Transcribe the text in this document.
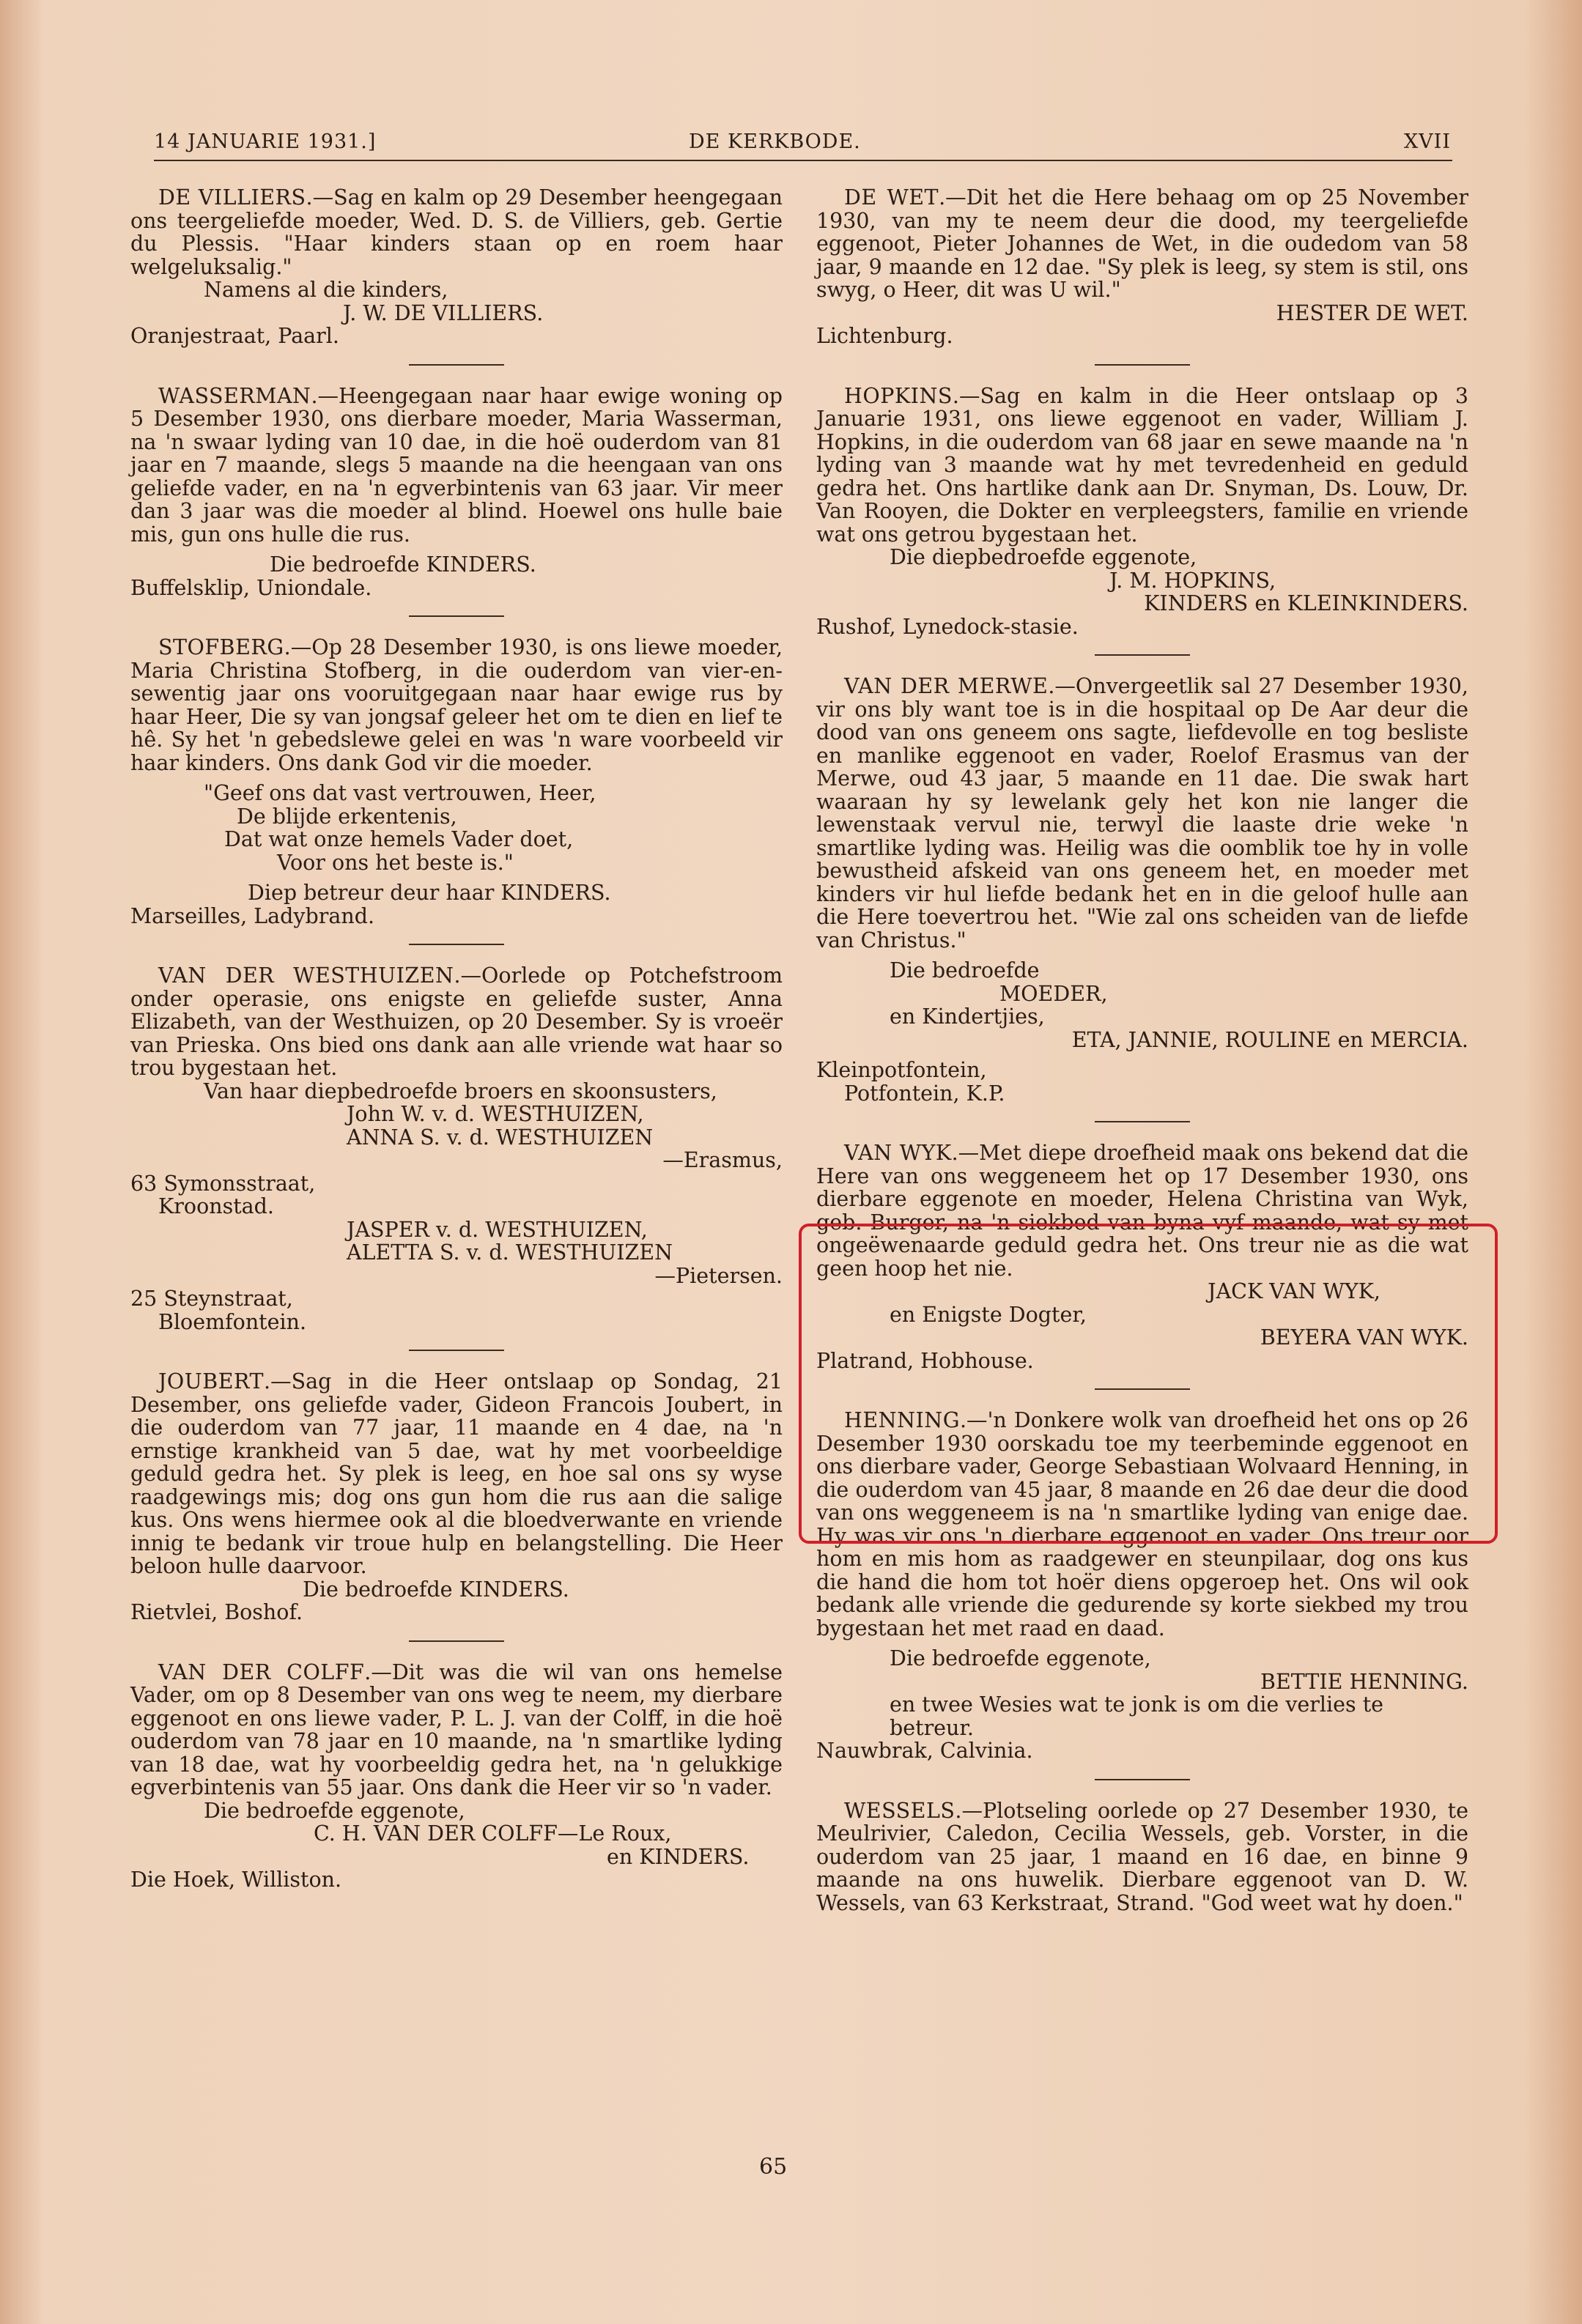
14 JANUARIE 1931.]	DE KERKBODE.	XVII

DE VILLIERS.—Sag en kalm op 29 Desember heengegaan ons teergeliefde moeder, Wed. D. S. de Villiers, geb. Gertie du Plessis. "Haar kinders staan op en roem haar welgeluksalig."

Namens al die kinders,

J. W. DE VILLIERS.

Oranjestraat, Paarl.

WASSERMAN.—Heengegaan naar haar ewige woning op 5 Desember 1930, ons dierbare moeder, Maria Wasserman, na 'n swaar lyding van 10 dae, in die hoë ouderdom van 81 jaar en 7 maande, slegs 5 maande na die heengaan van ons geliefde vader, en na 'n egverbintenis van 63 jaar. Vir meer dan 3 jaar was die moeder al blind. Hoewel ons hulle baie mis, gun ons hulle die rus.

Die bedroefde KINDERS.

Buffelsklip, Uniondale.

STOFBERG.—Op 28 Desember 1930, is ons liewe moeder, Maria Christina Stofberg, in die ouderdom van vier-en-sewentig jaar ons vooruitgegaan naar haar ewige rus by haar Heer, Die sy van jongsaf geleer het om te dien en lief te hê. Sy het 'n gebedslewe gelei en was 'n ware voorbeeld vir haar kinders. Ons dank God vir die moeder.

"Geef ons dat vast vertrouwen, Heer,

De blijde erkentenis,

Dat wat onze hemels Vader doet,

Voor ons het beste is."

Diep betreur deur haar KINDERS.

Marseilles, Ladybrand.

VAN DER WESTHUIZEN.—Oorlede op Potchefstroom onder operasie, ons enigste en geliefde suster, Anna Elizabeth, van der Westhuizen, op 20 Desember. Sy is vroeër van Prieska. Ons bied ons dank aan alle vriende wat haar so trou bygestaan het.

Van haar diepbedroefde broers en skoonsusters,

John W. v. d. WESTHUIZEN,

ANNA S. v. d. WESTHUIZEN

—Erasmus,

63 Symonsstraat,

Kroonstad.

JASPER v. d. WESTHUIZEN,

ALETTA S. v. d. WESTHUIZEN

—Pietersen.

25 Steynstraat,

Bloemfontein.

JOUBERT.—Sag in die Heer ontslaap op Sondag, 21 Desember, ons geliefde vader, Gideon Francois Joubert, in die ouderdom van 77 jaar, 11 maande en 4 dae, na 'n ernstige krankheid van 5 dae, wat hy met voorbeeldige geduld gedra het. Sy plek is leeg, en hoe sal ons sy wyse raadgewings mis; dog ons gun hom die rus aan die salige kus. Ons wens hiermee ook al die bloedverwante en vriende innig te bedank vir troue hulp en belangstelling. Die Heer beloon hulle daarvoor.

Die bedroefde KINDERS.

Rietvlei, Boshof.

VAN DER COLFF.—Dit was die wil van ons hemelse Vader, om op 8 Desember van ons weg te neem, my dierbare eggenoot en ons liewe vader, P. L. J. van der Colff, in die hoë ouderdom van 78 jaar en 10 maande, na 'n smartlike lyding van 18 dae, wat hy voorbeeldig gedra het, na 'n gelukkige egverbintenis van 55 jaar. Ons dank die Heer vir so 'n vader.

Die bedroefde eggenote,

C. H. VAN DER COLFF—Le Roux,

en KINDERS.

Die Hoek, Williston.

DE WET.—Dit het die Here behaag om op 25 November 1930, van my te neem deur die dood, my teergeliefde eggenoot, Pieter Johannes de Wet, in die oudedom van 58 jaar, 9 maande en 12 dae. "Sy plek is leeg, sy stem is stil, ons swyg, o Heer, dit was U wil."

HESTER DE WET.

Lichtenburg.

HOPKINS.—Sag en kalm in die Heer ontslaap op 3 Januarie 1931, ons liewe eggenoot en vader, William J. Hopkins, in die ouderdom van 68 jaar en sewe maande na 'n lyding van 3 maande wat hy met tevredenheid en geduld gedra het. Ons hartlike dank aan Dr. Snyman, Ds. Louw, Dr. Van Rooyen, die Dokter en verpleegsters, familie en vriende wat ons getrou bygestaan het.

Die diepbedroefde eggenote,

J. M. HOPKINS,

KINDERS en KLEINKINDERS.

Rushof, Lynedock-stasie.

VAN DER MERWE.—Onvergeetlik sal 27 Desember 1930, vir ons bly want toe is in die hospitaal op De Aar deur die dood van ons geneem ons sagte, liefdevolle en tog besliste en manlike eggenoot en vader, Roelof Erasmus van der Merwe, oud 43 jaar, 5 maande en 11 dae. Die swak hart waaraan hy sy lewelank gely het kon nie langer die lewenstaak vervul nie, terwyl die laaste drie weke 'n smartlike lyding was. Heilig was die oomblik toe hy in volle bewustheid afskeid van ons geneem het, en moeder met kinders vir hul liefde bedank het en in die geloof hulle aan die Here toevertrou het. "Wie zal ons scheiden van de liefde van Christus."

Die bedroefde

MOEDER,

en Kindertjies,

ETA, JANNIE, ROULINE en MERCIA.

Kleinpotfontein,

Potfontein, K.P.

VAN WYK.—Met diepe droefheid maak ons bekend dat die Here van ons weggeneem het op 17 Desember 1930, ons dierbare eggenote en moeder, Helena Christina van Wyk, geb. Burger, na 'n siekbed van byna vyf maande, wat sy met ongeëwenaarde geduld gedra het. Ons treur nie as die wat geen hoop het nie.

JACK VAN WYK,

en Enigste Dogter,

BEYERA VAN WYK.

Platrand, Hobhouse.

HENNING.—'n Donkere wolk van droefheid het ons op 26 Desember 1930 oorskadu toe my teerbeminde eggenoot en ons dierbare vader, George Sebastiaan Wolvaard Henning, in die ouderdom van 45 jaar, 8 maande en 26 dae deur die dood van ons weggeneem is na 'n smartlike lyding van enige dae. Hy was vir ons 'n dierbare eggenoot en vader. Ons treur oor hom en mis hom as raadgewer en steunpilaar, dog ons kus die hand die hom tot hoër diens opgeroep het. Ons wil ook bedank alle vriende die gedurende sy korte siekbed my trou bygestaan het met raad en daad.

Die bedroefde eggenote,

BETTIE HENNING.

en twee Wesies wat te jonk is om die verlies te betreur.

Nauwbrak, Calvinia.

WESSELS.—Plotseling oorlede op 27 Desember 1930, te Meulrivier, Caledon, Cecilia Wessels, geb. Vorster, in die ouderdom van 25 jaar, 1 maand en 16 dae, en binne 9 maande na ons huwelik. Dierbare eggenoot van D. W. Wessels, van 63 Kerkstraat, Strand. "God weet wat hy doen."

65
